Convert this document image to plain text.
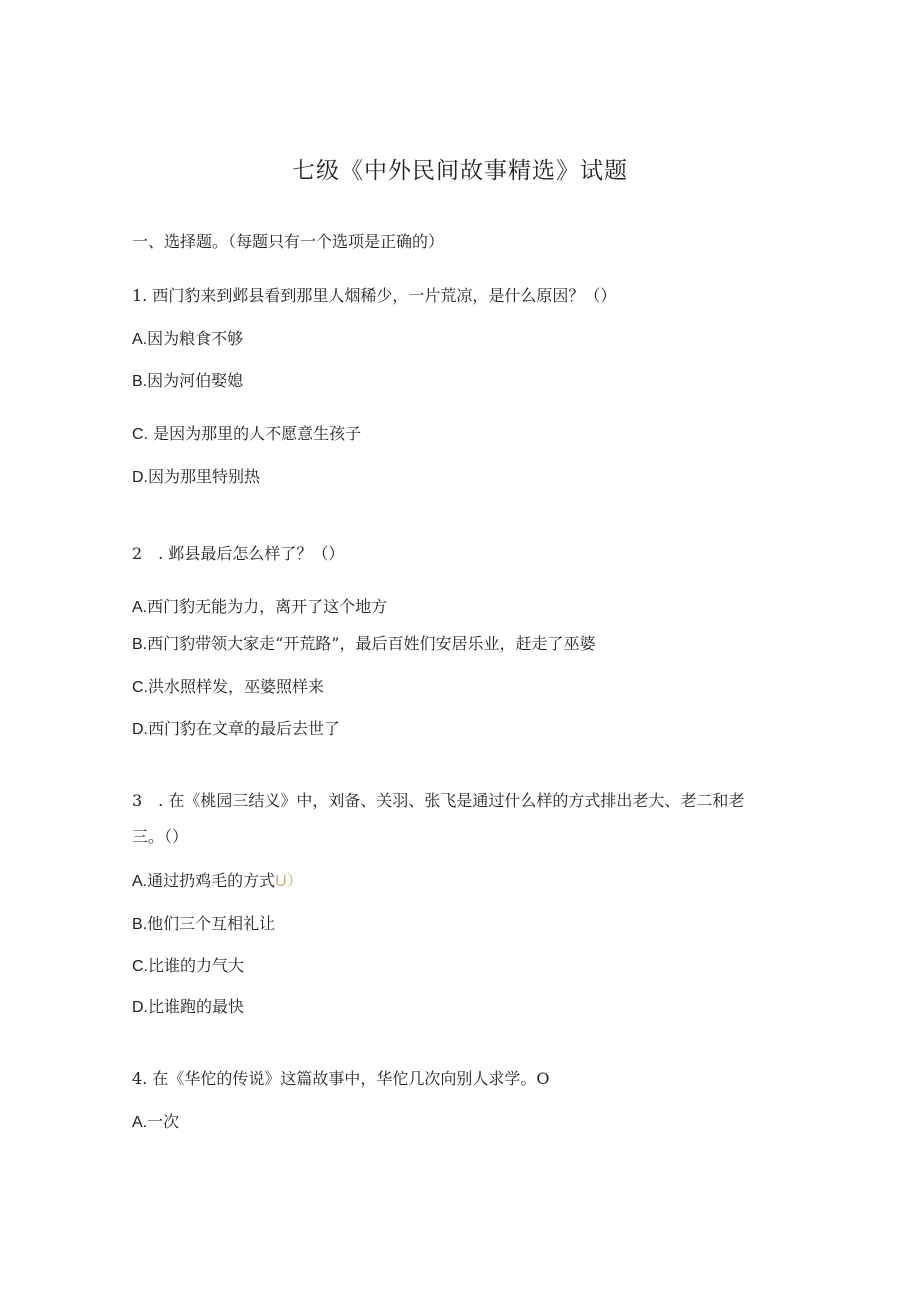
七级《中外民间故事精选》试题
一、选择题。（每题只有一个选项是正确的）
1. 西门豹来到邺县看到那里人烟稀少，一片荒凉，是什么原因？（）
A.因为粮食不够
B.因为河伯娶媳
C. 是因为那里的人不愿意生孩子
D.因为那里特别热
2　. 邺县最后怎么样了？（）
A.西门豹无能为力，离开了这个地方
B.西门豹带领大家走“开荒路”，最后百姓们安居乐业，赶走了巫婆
C.洪水照样发，巫婆照样来
D.西门豹在文章的最后去世了
3　. 在《桃园三结义》中，刘备、关羽、张飞是通过什么样的方式排出老大、老二和老
三。（）
A.通过扔鸡毛的方式U）
B.他们三个互相礼让
C.比谁的力气大
D.比谁跑的最快
4. 在《华佗的传说》这篇故事中，华佗几次向别人求学。O
A.一次
